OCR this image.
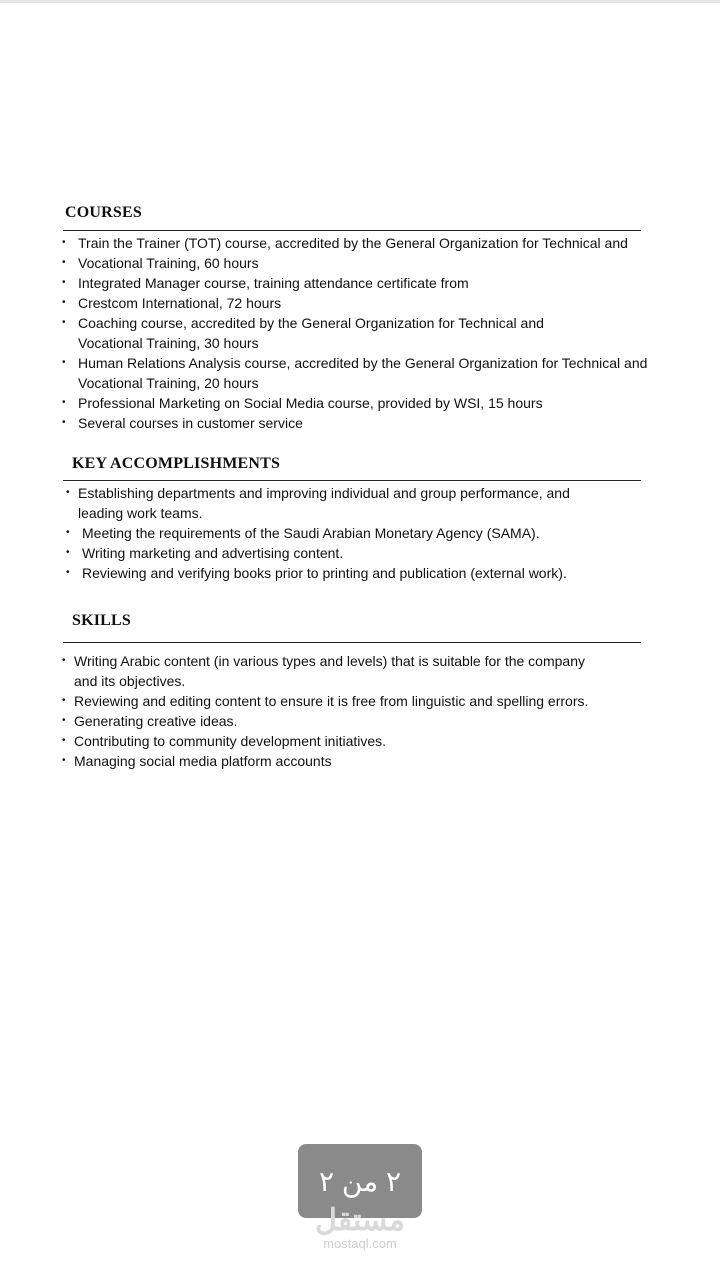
COURSES
• Train the Trainer (TOT) course, accredited by the General Organization for Technical and
• Vocational Training, 60 hours
• Integrated Manager course, training attendance certificate from
• Crestcom International, 72 hours
• Coaching course, accredited by the General Organization for Technical and
Vocational Training, 30 hours
• Human Relations Analysis course, accredited by the General Organization for Technical and
Vocational Training, 20 hours
• Professional Marketing on Social Media course, provided by WSI, 15 hours
• Several courses in customer service
KEY ACCOMPLISHMENTS
• Establishing departments and improving individual and group performance, and
leading work teams.
• Meeting the requirements of the Saudi Arabian Monetary Agency (SAMA).
• Writing marketing and advertising content.
• Reviewing and verifying books prior to printing and publication (external work).
SKILLS
• Writing Arabic content (in various types and levels) that is suitable for the company
and its objectives.
• Reviewing and editing content to ensure it is free from linguistic and spelling errors.
• Generating creative ideas.
• Contributing to community development initiatives.
• Managing social media platform accounts
٢ من ٢
مستقل
mostaql.com
